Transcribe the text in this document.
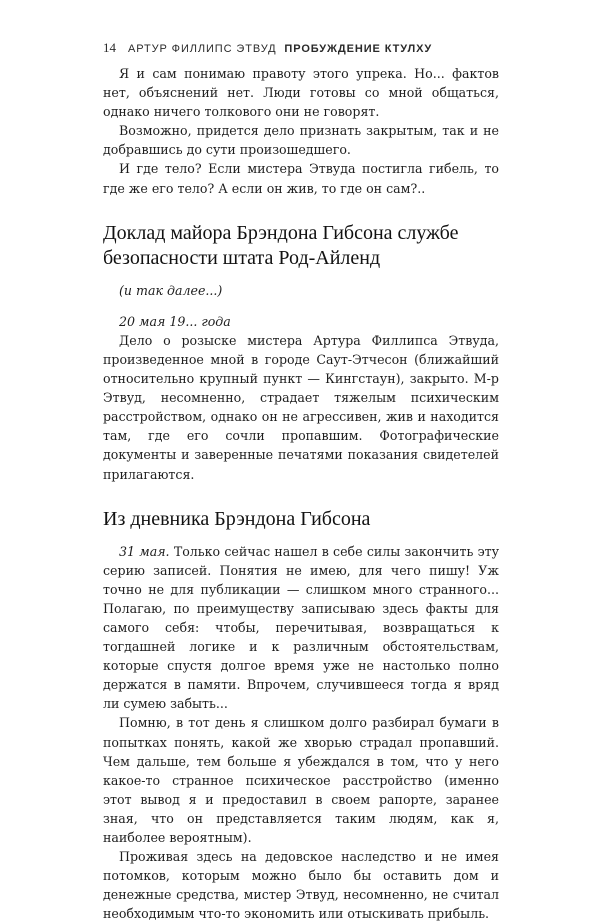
14 АРТУР ФИЛЛИПС ЭТВУД ПРОБУЖДЕНИЕ КТУЛХУ

Я и сам понимаю правоту этого упрека. Но... фактов нет, объяснений нет. Люди готовы со мной общаться, однако ничего толкового они не говорят.

Возможно, придется дело признать закрытым, так и не добравшись до сути произошедшего.

И где тело? Если мистера Этвуда постигла гибель, то где же его тело? А если он жив, то где он сам?..

Доклад майора Брэндона Гибсона службе безопасности штата Род-Айленд

(и так далее...)

20 мая 19... года

Дело о розыске мистера Артура Филлипса Этвуда, произведенное мной в городе Саут-Этчесон (ближайший относительно крупный пункт — Кингстаун), закрыто. М-р Этвуд, несомненно, страдает тяжелым психическим расстройством, однако он не агрессивен, жив и находится там, где его сочли пропавшим. Фотографические документы и заверенные печатями показания свидетелей прилагаются.

Из дневника Брэндона Гибсона

31 мая. Только сейчас нашел в себе силы закончить эту серию записей. Понятия не имею, для чего пишу! Уж точно не для публикации — слишком много странного... Полагаю, по преимуществу записываю здесь факты для самого себя: чтобы, перечитывая, возвращаться к тогдашней логике и к различным обстоятельствам, которые спустя долгое время уже не настолько полно держатся в памяти. Впрочем, случившееся тогда я вряд ли сумею забыть...

Помню, в тот день я слишком долго разбирал бумаги в попытках понять, какой же хворью страдал пропавший. Чем дальше, тем больше я убеждался в том, что у него какое-то странное психическое расстройство (именно этот вывод я и предоставил в своем рапорте, заранее зная, что он представляется таким людям, как я, наиболее вероятным).

Проживая здесь на дедовское наследство и не имея потомков, которым можно было бы оставить дом и денежные средства, мистер Этвуд, несомненно, не считал необходимым что-то экономить или отыскивать прибыль.
